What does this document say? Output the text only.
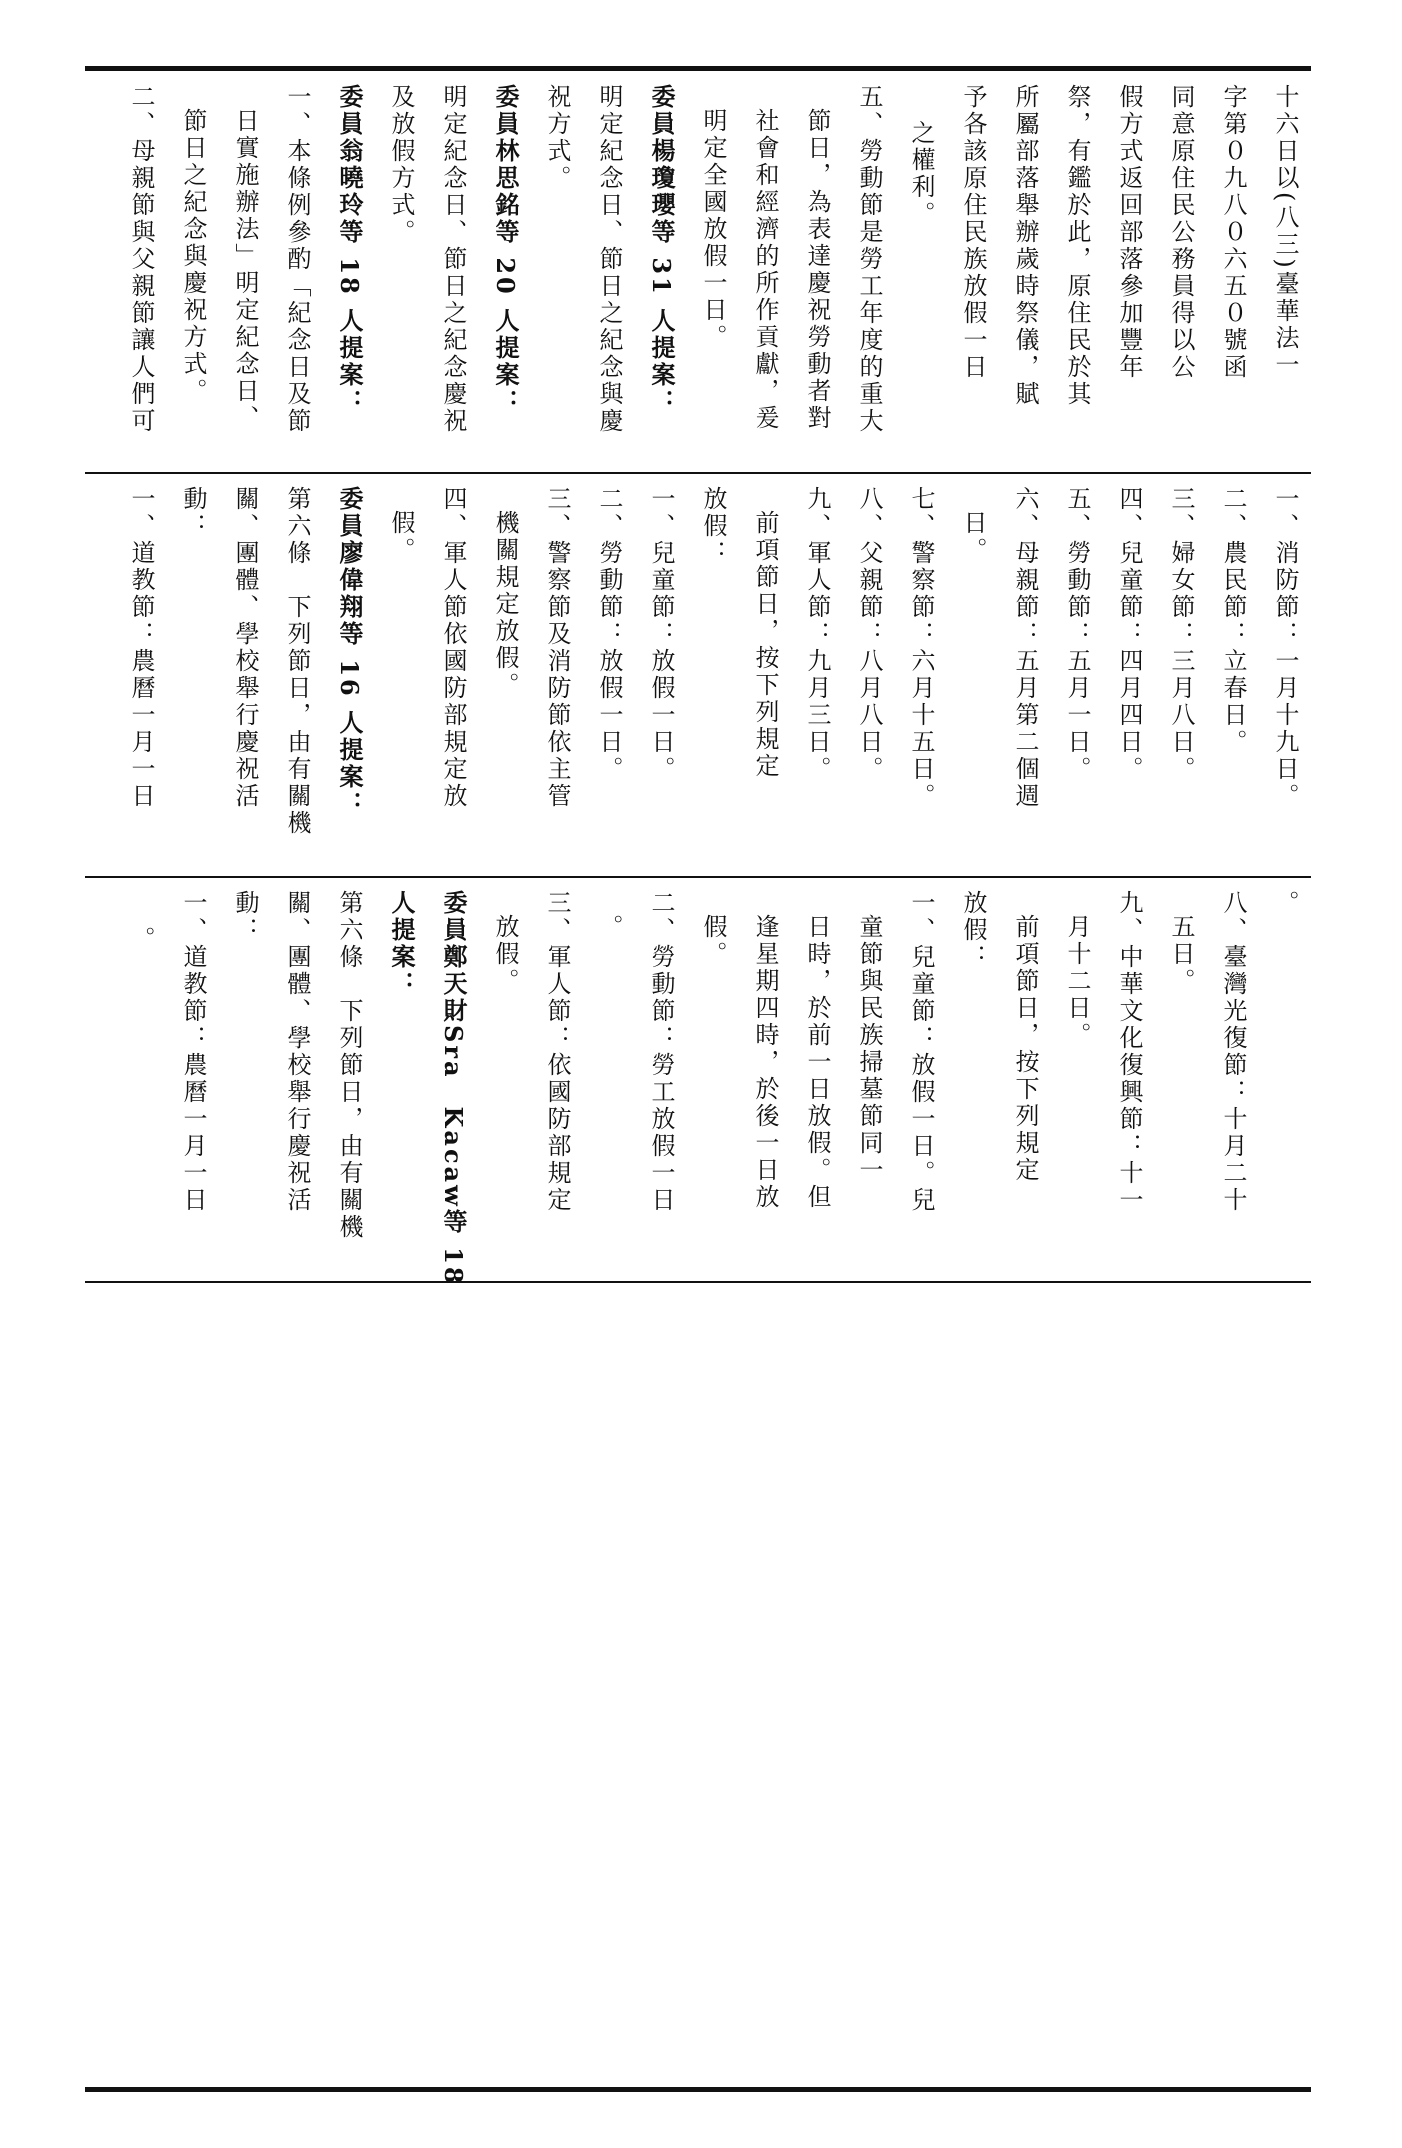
十六日以(八三)臺華法一
字第０九八０六五０號函
同意原住民公務員得以公
假方式返回部落參加豐年
祭，有鑑於此，原住民於其
所屬部落舉辦歲時祭儀，賦
予各該原住民族放假一日
之權利。
五、勞動節是勞工年度的重大
節日，為表達慶祝勞動者對
社會和經濟的所作貢獻，爰
明定全國放假一日。
委員楊瓊瓔等 31 人提案：
明定紀念日、節日之紀念與慶
祝方式。
委員林思銘等 20 人提案：
明定紀念日、節日之紀念慶祝
及放假方式。
委員翁曉玲等 18 人提案：
一、本條例參酌「紀念日及節
日實施辦法」明定紀念日、
節日之紀念與慶祝方式。
二、母親節與父親節讓人們可
一、消防節：一月十九日。
二、農民節：立春日。
三、婦女節：三月八日。
四、兒童節：四月四日。
五、勞動節：五月一日。
六、母親節：五月第二個週
日。
七、警察節：六月十五日。
八、父親節：八月八日。
九、軍人節：九月三日。
前項節日，按下列規定
放假：
一、兒童節：放假一日。
二、勞動節：放假一日。
三、警察節及消防節依主管
機關規定放假。
四、軍人節依國防部規定放
假。
委員廖偉翔等 16 人提案：
第六條　下列節日，由有關機
關、團體、學校舉行慶祝活
動：
一、道教節：農曆一月一日
。
八、臺灣光復節：十月二十
五日。
九、中華文化復興節：十一
月十二日。
前項節日，按下列規定
放假：
一、兒童節：放假一日。兒
童節與民族掃墓節同一
日時，於前一日放假。但
逢星期四時，於後一日放
假。
二、勞動節：勞工放假一日
。
三、軍人節：依國防部規定
放假。
委員鄭天財Sra　Kacaw等 18
人提案：
第六條　下列節日，由有關機
關、團體、學校舉行慶祝活
動：
一、道教節：農曆一月一日
。
